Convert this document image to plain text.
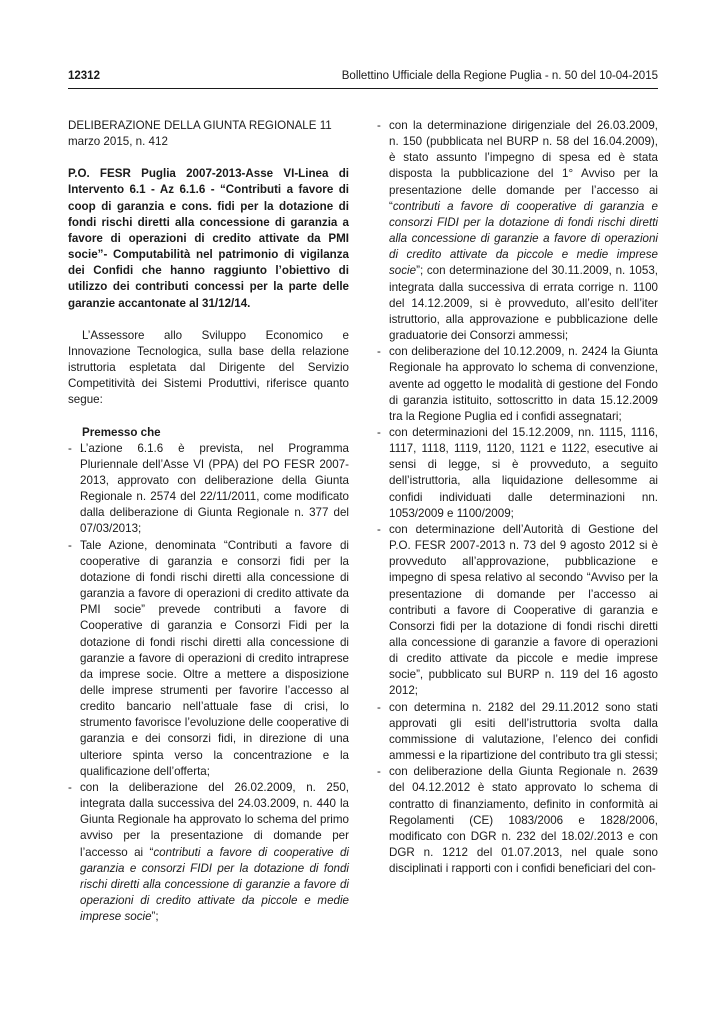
12312	Bollettino Ufficiale della Regione Puglia - n. 50 del 10-04-2015

DELIBERAZIONE DELLA GIUNTA REGIONALE 11 marzo 2015, n. 412

P.O. FESR Puglia 2007-2013-Asse VI-Linea di Intervento 6.1 - Az 6.1.6 - “Contributi a favore di coop di garanzia e cons. fidi per la dotazione di fondi rischi diretti alla concessione di garanzia a favore di operazioni di credito attivate da PMI socie”- Computabilità nel patrimonio di vigilanza dei Confidi che hanno raggiunto l’obiettivo di utilizzo dei contributi concessi per la parte delle garanzie accantonate al 31/12/14.

L’Assessore allo Sviluppo Economico e Innovazione Tecnologica, sulla base della relazione istruttoria espletata dal Dirigente del Servizio Competitività dei Sistemi Produttivi, riferisce quanto segue:

Premesso che

- L’azione 6.1.6 è prevista, nel Programma Pluriennale dell’Asse VI (PPA) del PO FESR 2007- 2013, approvato con deliberazione della Giunta Regionale n. 2574 del 22/11/2011, come modificato dalla deliberazione di Giunta Regionale n. 377 del 07/03/2013;
- Tale Azione, denominata “Contributi a favore di cooperative di garanzia e consorzi fidi per la dotazione di fondi rischi diretti alla concessione di garanzia a favore di operazioni di credito attivate da PMI socie” prevede contributi a favore di Cooperative di garanzia e Consorzi Fidi per la dotazione di fondi rischi diretti alla concessione di garanzie a favore di operazioni di credito intraprese da imprese socie. Oltre a mettere a disposizione delle imprese strumenti per favorire l’accesso al credito bancario nell’attuale fase di crisi, lo strumento favorisce l’evoluzione delle cooperative di garanzia e dei consorzi fidi, in direzione di una ulteriore spinta verso la concentrazione e la qualificazione dell’offerta;
- con la deliberazione del 26.02.2009, n. 250, integrata dalla successiva del 24.03.2009, n. 440 la Giunta Regionale ha approvato lo schema del primo avviso per la presentazione di domande per l’accesso ai “contributi a favore di cooperative di garanzia e consorzi FIDI per la dotazione di fondi rischi diretti alla concessione di garanzie a favore di operazioni di credito attivate da piccole e medie imprese socie”;
- con la determinazione dirigenziale del 26.03.2009, n. 150 (pubblicata nel BURP n. 58 del 16.04.2009), è stato assunto l’impegno di spesa ed è stata disposta la pubblicazione del 1° Avviso per la presentazione delle domande per l’accesso ai “contributi a favore di cooperative di garanzia e consorzi FIDI per la dotazione di fondi rischi diretti alla concessione di garanzie a favore di operazioni di credito attivate da piccole e medie imprese socie”; con determinazione del 30.11.2009, n. 1053, integrata dalla successiva di errata corrige n. 1100 del 14.12.2009, si è provveduto, all’esito dell’iter istruttorio, alla approvazione e pubblicazione delle graduatorie dei Consorzi ammessi;
- con deliberazione del 10.12.2009, n. 2424 la Giunta Regionale ha approvato lo schema di convenzione, avente ad oggetto le modalità di gestione del Fondo di garanzia istituito, sottoscritto in data 15.12.2009 tra la Regione Puglia ed i confidi assegnatari;
- con determinazioni del 15.12.2009, nn. 1115, 1116, 1117, 1118, 1119, 1120, 1121 e 1122, esecutive ai sensi di legge, si è provveduto, a seguito dell’istruttoria, alla liquidazione dellesomme ai confidi individuati dalle determinazioni nn. 1053/2009 e 1100/2009;
- con determinazione dell’Autorità di Gestione del P.O. FESR 2007-2013 n. 73 del 9 agosto 2012 si è provveduto all’approvazione, pubblicazione e impegno di spesa relativo al secondo “Avviso per la presentazione di domande per l’accesso ai contributi a favore di Cooperative di garanzia e Consorzi fidi per la dotazione di fondi rischi diretti alla concessione di garanzie a favore di operazioni di credito attivate da piccole e medie imprese socie”, pubblicato sul BURP n. 119 del 16 agosto 2012;
- con determina n. 2182 del 29.11.2012 sono stati approvati gli esiti dell’istruttoria svolta dalla commissione di valutazione, l’elenco dei confidi ammessi e la ripartizione del contributo tra gli stessi;
- con deliberazione della Giunta Regionale n. 2639 del 04.12.2012 è stato approvato lo schema di contratto di finanziamento, definito in conformità ai Regolamenti (CE) 1083/2006 e 1828/2006, modificato con DGR n. 232 del 18.02/.2013 e con DGR n. 1212 del 01.07.2013, nel quale sono disciplinati i rapporti con i confidi beneficiari del con-
